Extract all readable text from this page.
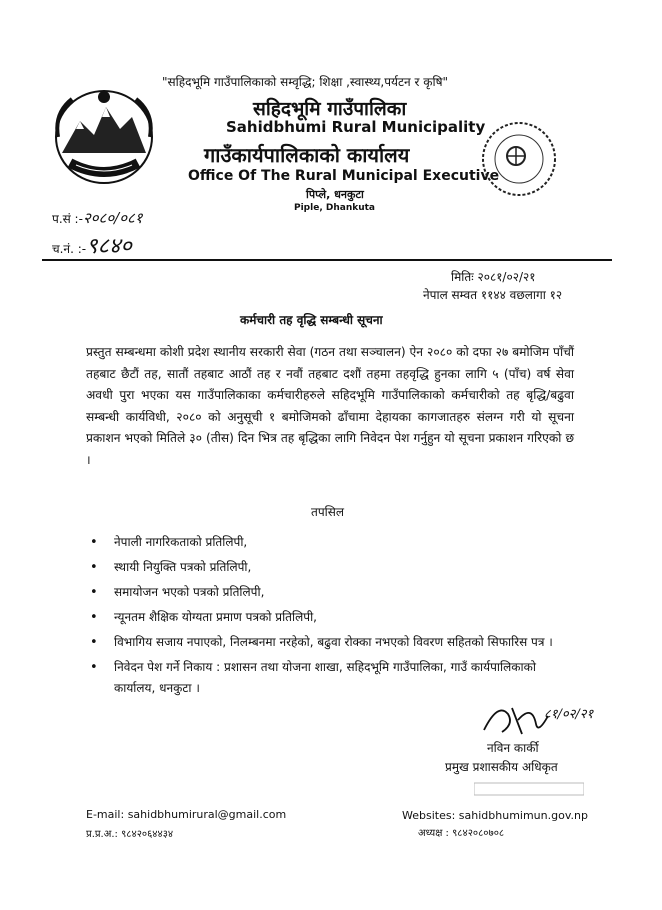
"सहिदभूमि गाउँपालिकाको सम्वृद्धि; शिक्षा ,स्वास्थ्य,पर्यटन र कृषि"
सहिदभूमि गाउँपालिका
Sahidbhumi Rural Municipality
गाउँकार्यपालिकाको कार्यालय
Office Of The Rural Municipal Executive
पिप्ले, धनकुटा
Piple, Dhankuta
प.सं :-२०८०/०८१
च.नं. :-९८४०
मितिः २०८१/०२/२१
नेपाल सम्वत ११४४ वछलागा १२
कर्मचारी तह वृद्धि सम्बन्धी सूचना
प्रस्तुत सम्बन्धमा कोशी प्रदेश स्थानीय सरकारी सेवा (गठन तथा सञ्चालन) ऐन २०८० को दफा २७ बमोजिम पाँचौं तहबाट छैटौं तह, सातौं तहबाट आठौं तह र नवौं तहबाट दशौं तहमा तहवृद्धि हुनका लागि ५ (पाँच) वर्ष सेवा अवधी पुरा भएका यस गाउँपालिकाका कर्मचारीहरुले सहिदभूमि गाउँपालिकाको कर्मचारीको तह बृद्धि/बढुवा सम्बन्धी कार्यविधी, २०८० को अनुसूची १ बमोजिमको ढाँचामा देहायका कागजातहरु संलग्न गरी यो सूचना प्रकाशन भएको मितिले ३० (तीस) दिन भित्र तह बृद्धिका लागि निवेदन पेश गर्नुहुन यो सूचना प्रकाशन गरिएको छ ।
तपसिल
• नेपाली नागरिकताको प्रतिलिपी,
• स्थायी नियुक्ति पत्रको प्रतिलिपी,
• समायोजन भएको पत्रको प्रतिलिपी,
• न्यूनतम शैक्षिक योग्यता प्रमाण पत्रको प्रतिलिपी,
• विभागिय सजाय नपाएको, निलम्बनमा नरहेको, बढुवा रोक्का नभएको विवरण सहितको सिफारिस पत्र ।
• निवेदन पेश गर्ने निकाय : प्रशासन तथा योजना शाखा, सहिदभूमि गाउँपालिका, गाउँ कार्यपालिकाको कार्यालय, धनकुटा ।
८१/०२/२१
नविन कार्की
प्रमुख प्रशासकीय अधिकृत
E-mail: sahidbhumirural@gmail.com
प्र.प्र.अ.: ९८४२०६४४३४
Websites: sahidbhumimun.gov.np
अध्यक्ष : ९८४२०८०७०८
